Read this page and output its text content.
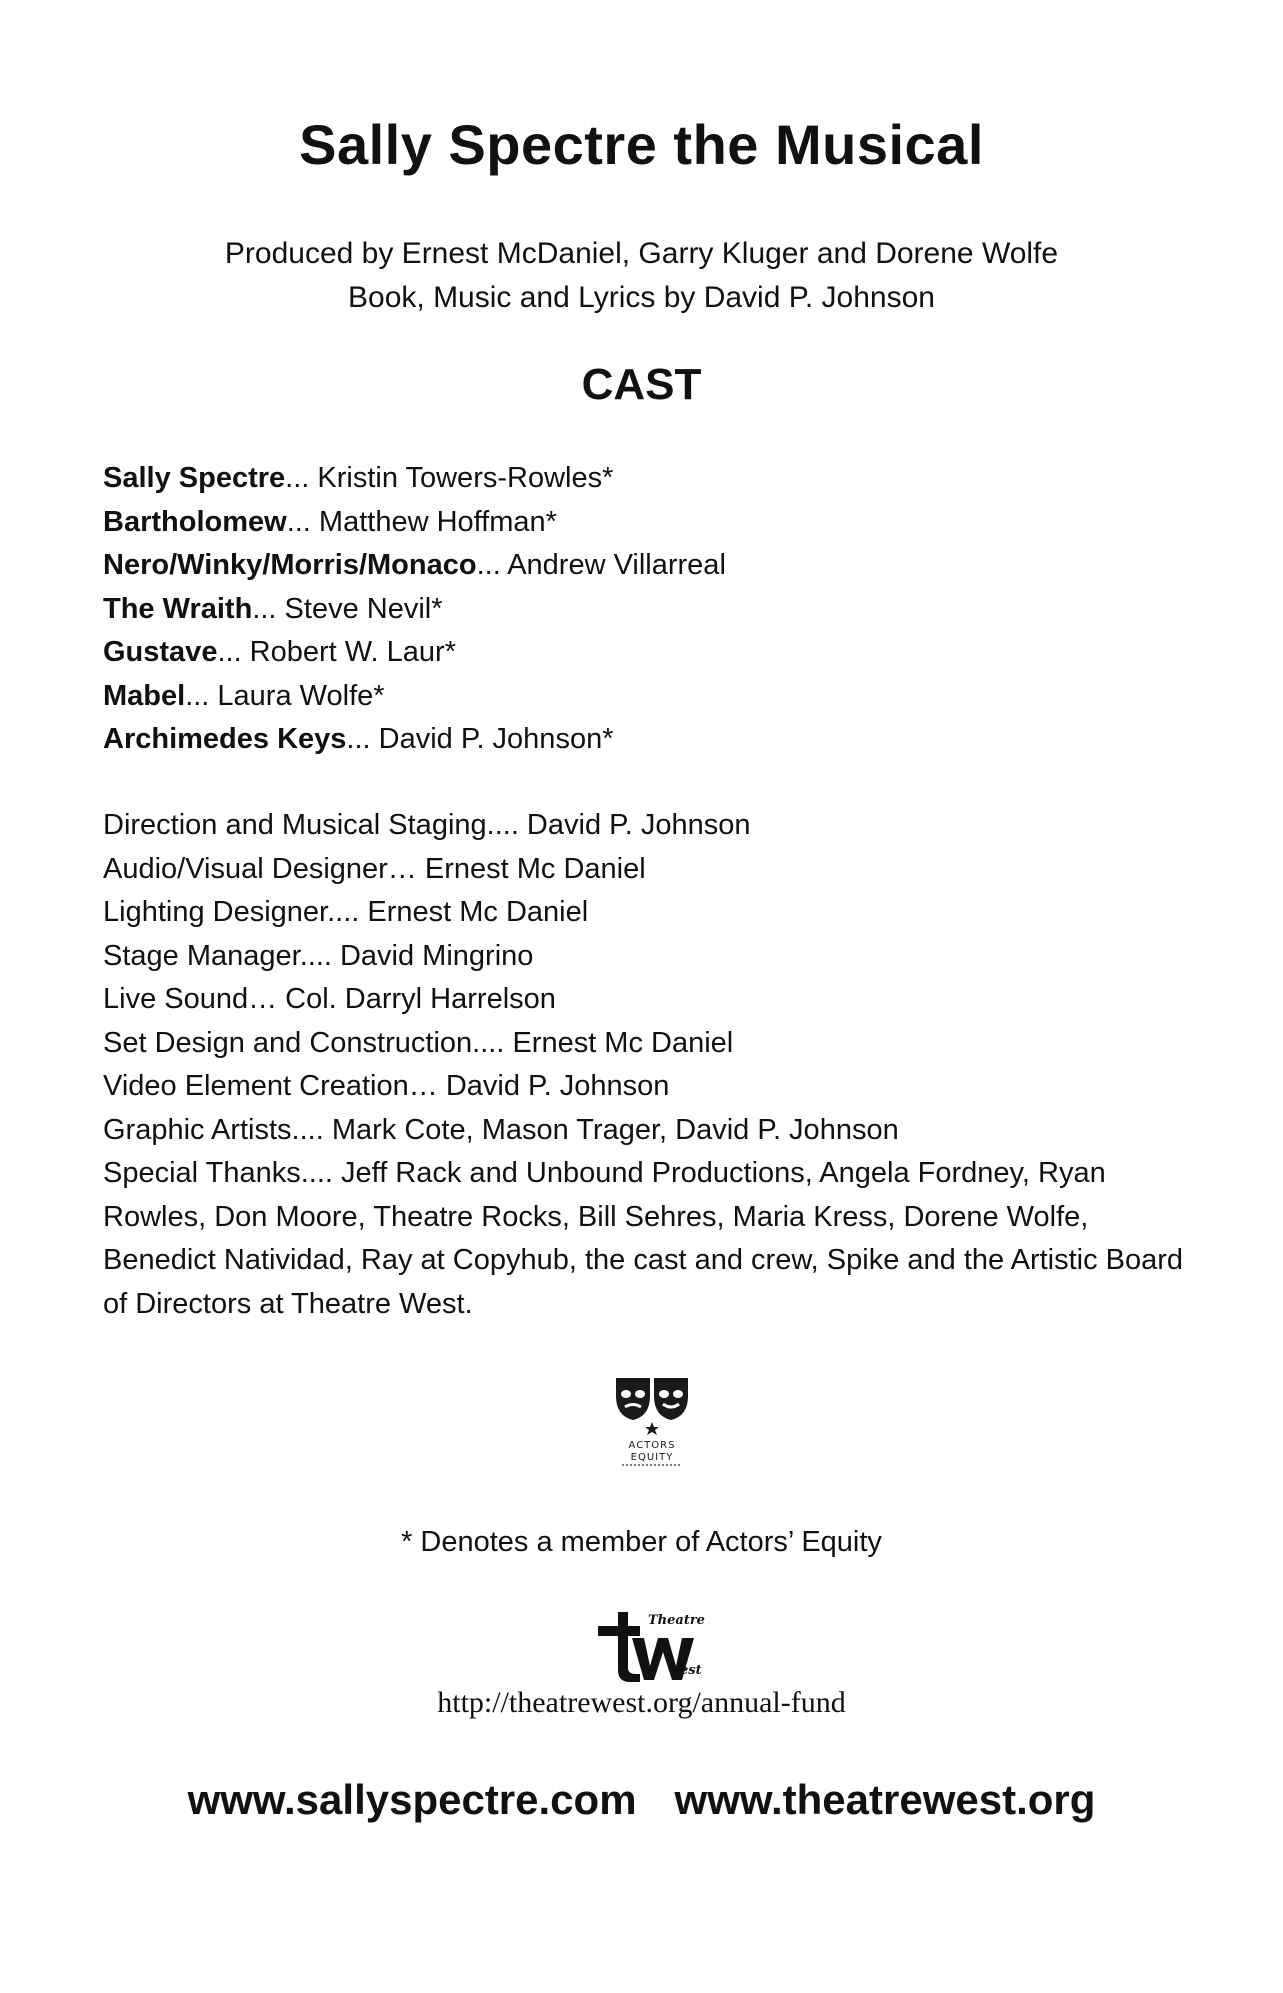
Sally Spectre the Musical
Produced by Ernest McDaniel, Garry Kluger and Dorene Wolfe
Book, Music and Lyrics by David P. Johnson
CAST
Sally Spectre... Kristin Towers-Rowles*
Bartholomew... Matthew Hoffman*
Nero/Winky/Morris/Monaco... Andrew Villarreal
The Wraith... Steve Nevil*
Gustave... Robert W. Laur*
Mabel... Laura Wolfe*
Archimedes Keys... David P. Johnson*
Direction and Musical Staging.... David P. Johnson
Audio/Visual Designer… Ernest Mc Daniel
Lighting Designer.... Ernest Mc Daniel
Stage Manager.... David Mingrino
Live Sound… Col. Darryl Harrelson
Set Design and Construction.... Ernest Mc Daniel
Video Element Creation… David P. Johnson
Graphic Artists.... Mark Cote, Mason Trager, David P. Johnson
Special Thanks.... Jeff Rack and Unbound Productions, Angela Fordney, Ryan Rowles, Don Moore, Theatre Rocks, Bill Sehres, Maria Kress, Dorene Wolfe, Benedict Natividad, Ray at Copyhub, the cast and crew, Spike and the Artistic Board of Directors at Theatre West.
ACTORS
EQUITY
* Denotes a member of Actors’ Equity
Theatre
est
http://theatrewest.org/annual-fund
www.sallyspectre.com www.theatrewest.org
